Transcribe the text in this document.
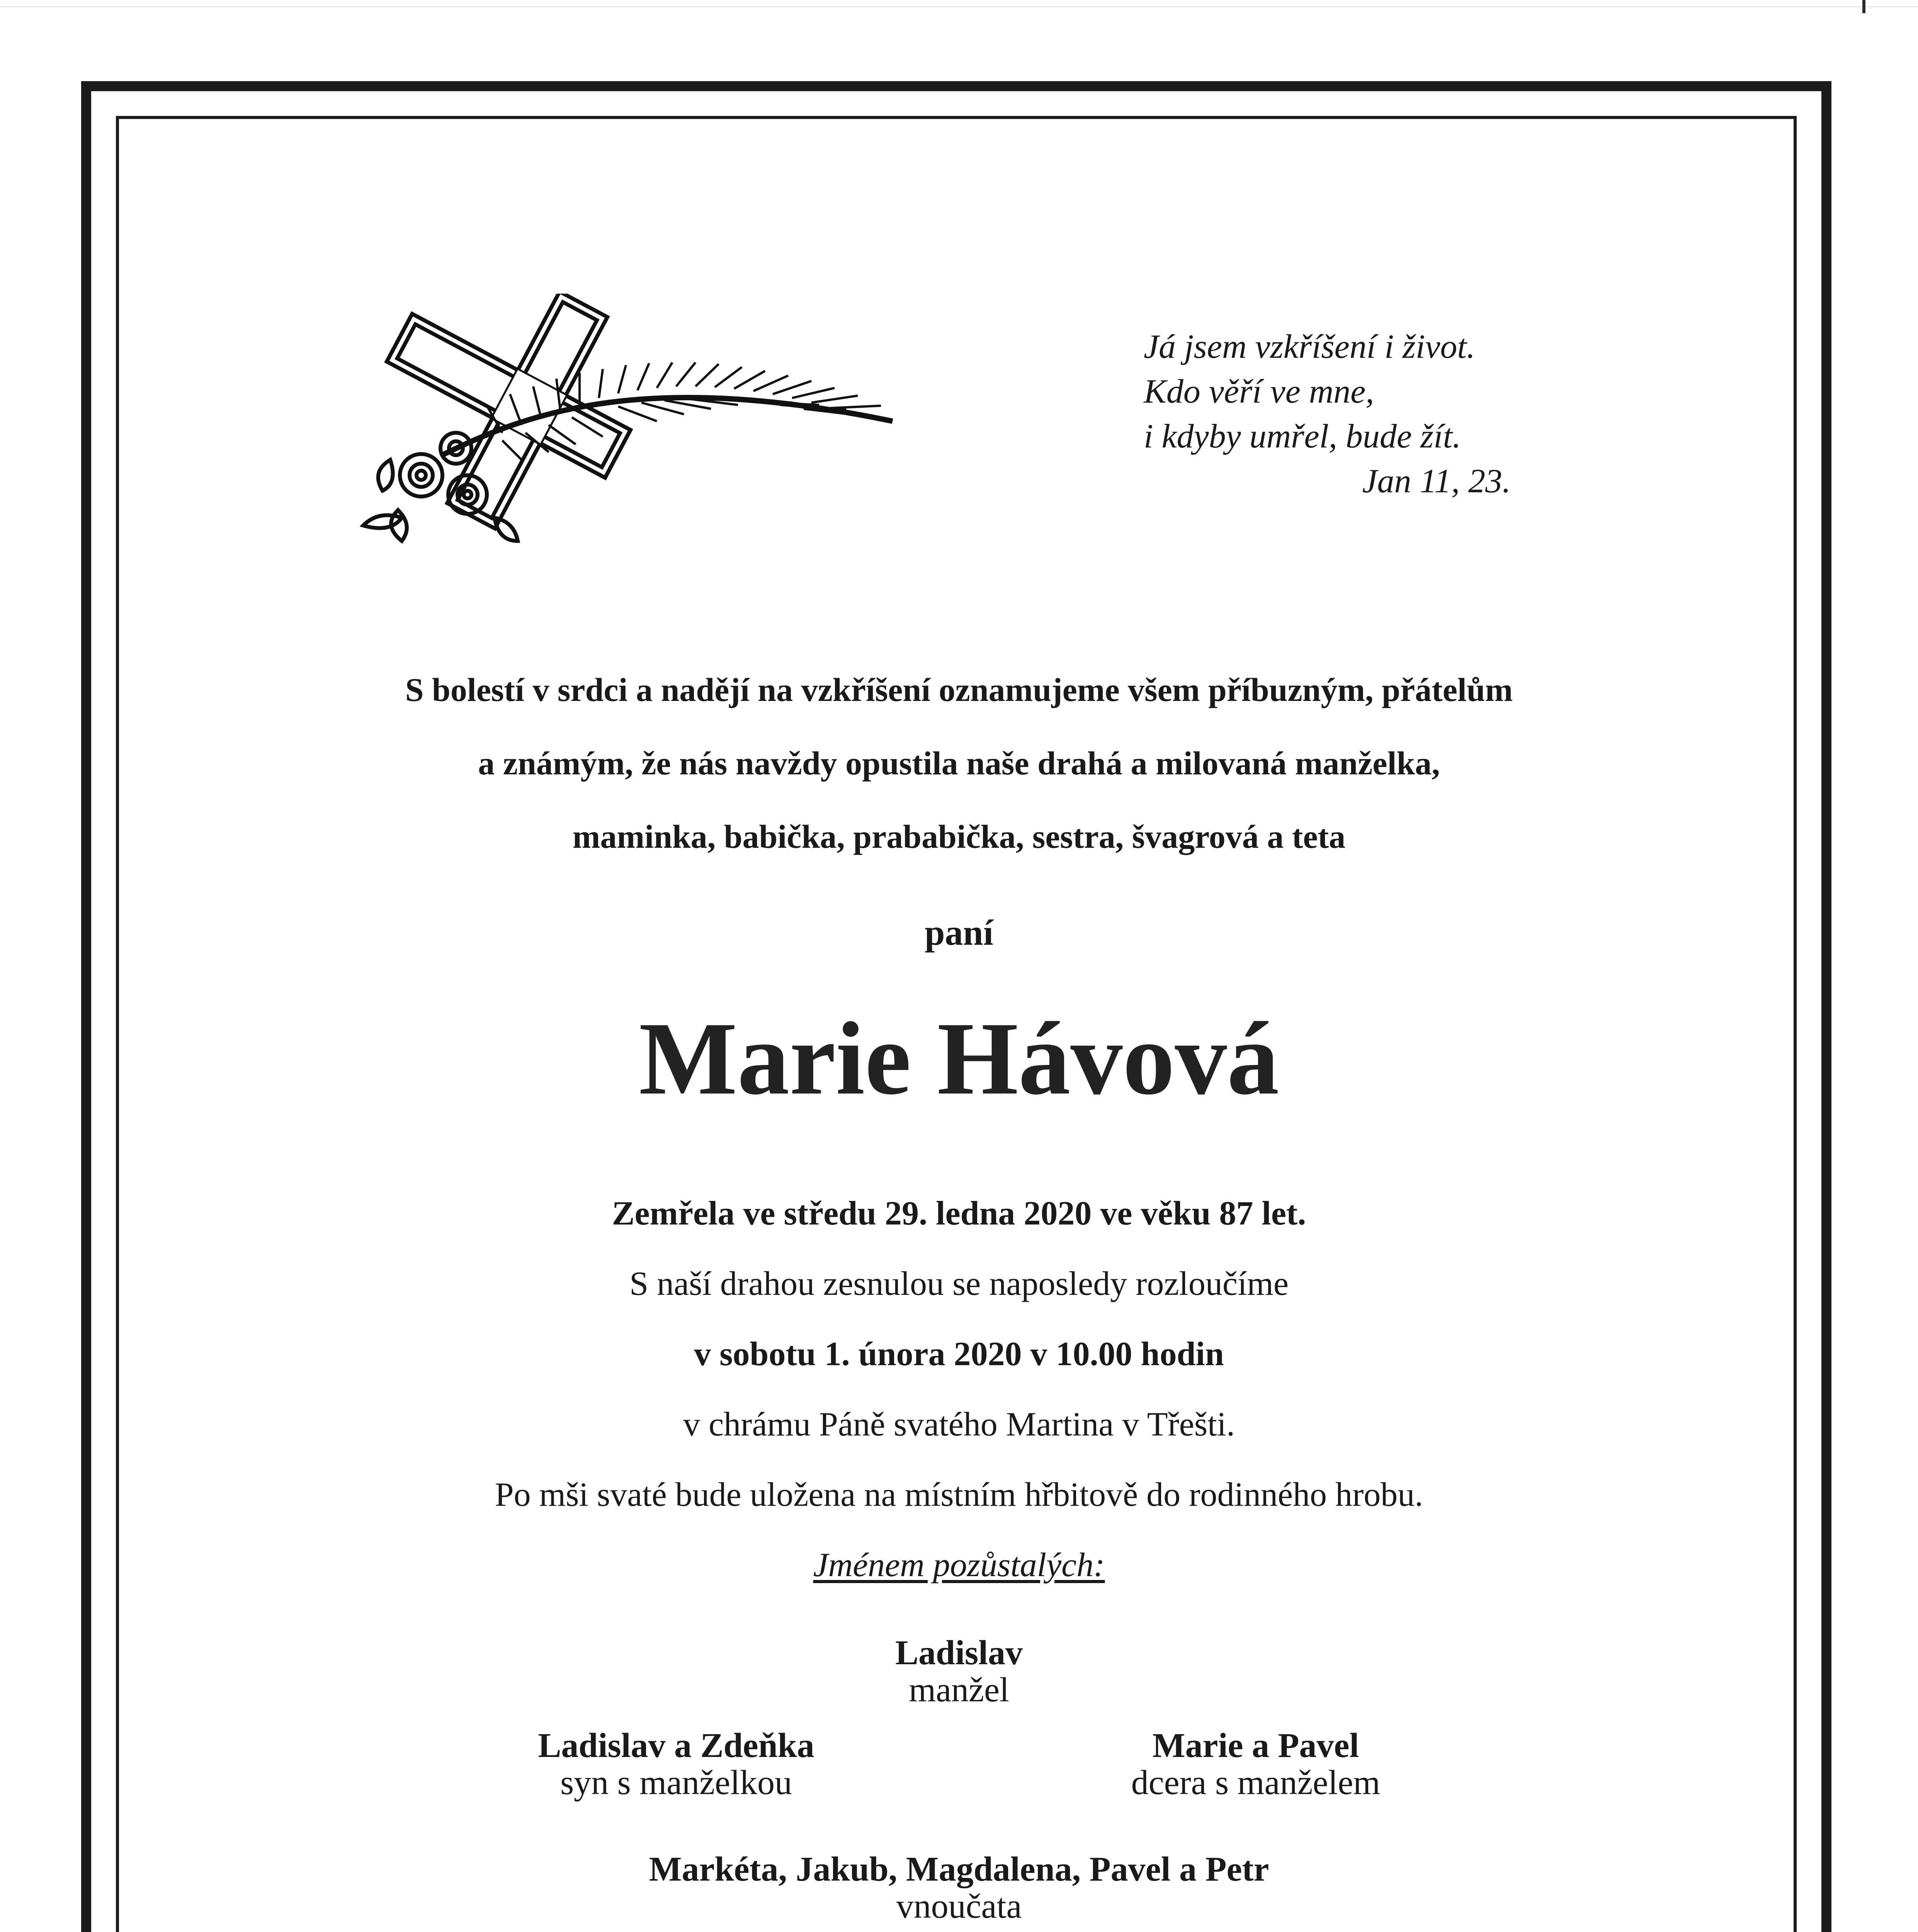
Já jsem vzkříšení i život.
Kdo věří ve mne,
i kdyby umřel, bude žít.
Jan 11, 23.
S bolestí v srdci a nadějí na vzkříšení oznamujeme všem příbuzným, přátelům
a známým, že nás navždy opustila naše drahá a milovaná manželka,
maminka, babička, prababička, sestra, švagrová a teta
paní
Marie Hávová
Zemřela ve středu 29. ledna 2020 ve věku 87 let.
S naší drahou zesnulou se naposledy rozloučíme
v sobotu 1. února 2020 v 10.00 hodin
v chrámu Páně svatého Martina v Třešti.
Po mši svaté bude uložena na místním hřbitově do rodinného hrobu.
Jménem pozůstalých:
Ladislav
manžel
Ladislav a Zdeňka
syn s manželkou
Marie a Pavel
dcera s manželem
Markéta, Jakub, Magdalena, Pavel a Petr
vnoučata
